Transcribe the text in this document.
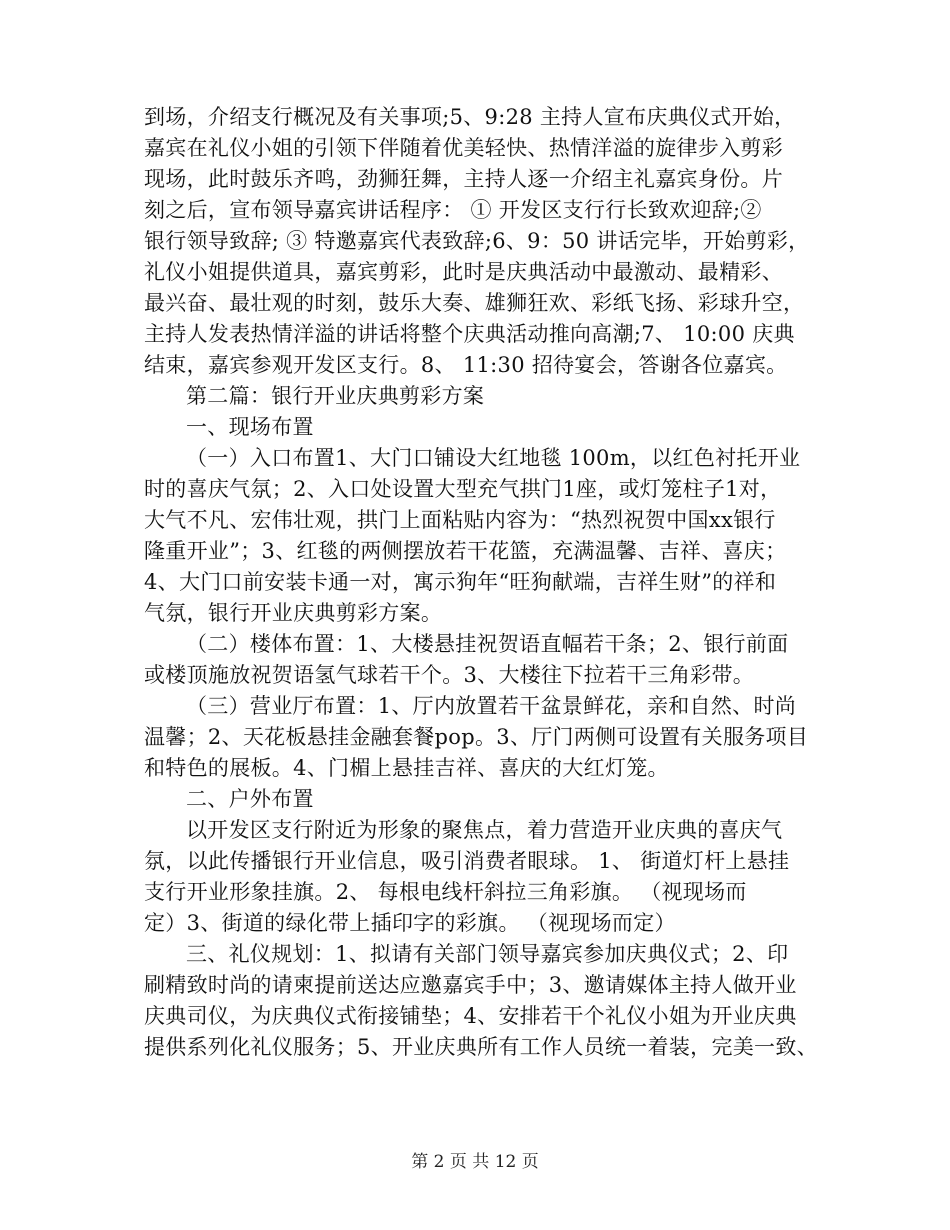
到场，介绍支行概况及有关事项;5、9:28 主持人宣布庆典仪式开始，
嘉宾在礼仪小姐的引领下伴随着优美轻快、热情洋溢的旋律步入剪彩
现场，此时鼓乐齐鸣，劲狮狂舞，主持人逐一介绍主礼嘉宾身份。片
刻之后，宣布领导嘉宾讲话程序： ① 开发区支行行长致欢迎辞;②
银行领导致辞; ③ 特邀嘉宾代表致辞;6、9：50 讲话完毕，开始剪彩，
礼仪小姐提供道具，嘉宾剪彩，此时是庆典活动中最激动、最精彩、
最兴奋、最壮观的时刻，鼓乐大奏、雄狮狂欢、彩纸飞扬、彩球升空，
主持人发表热情洋溢的讲话将整个庆典活动推向高潮;7、 10:00 庆典
结束，嘉宾参观开发区支行。8、 11:30 招待宴会，答谢各位嘉宾。
第二篇：银行开业庆典剪彩方案
一、现场布置
（一）入口布置1、大门口铺设大红地毯 100m，以红色衬托开业
时的喜庆气氛；2、入口处设置大型充气拱门1座，或灯笼柱子1对，
大气不凡、宏伟壮观，拱门上面粘贴内容为：“热烈祝贺中国xx银行
隆重开业”；3、红毯的两侧摆放若干花篮，充满温馨、吉祥、喜庆；
4、大门口前安装卡通一对，寓示狗年“旺狗献端，吉祥生财”的祥和
气氛，银行开业庆典剪彩方案。
（二）楼体布置：1、大楼悬挂祝贺语直幅若干条；2、银行前面
或楼顶施放祝贺语氢气球若干个。3、大楼往下拉若干三角彩带。
（三）营业厅布置：1、厅内放置若干盆景鲜花，亲和自然、时尚
温馨；2、天花板悬挂金融套餐pop。3、厅门两侧可设置有关服务项目
和特色的展板。4、门楣上悬挂吉祥、喜庆的大红灯笼。
二、户外布置
以开发区支行附近为形象的聚焦点，着力营造开业庆典的喜庆气
氛，以此传播银行开业信息，吸引消费者眼球。 1、 街道灯杆上悬挂
支行开业形象挂旗。2、 每根电线杆斜拉三角彩旗。 （视现场而
定）3、街道的绿化带上插印字的彩旗。 （视现场而定）
三、礼仪规划：1、拟请有关部门领导嘉宾参加庆典仪式；2、印
刷精致时尚的请柬提前送达应邀嘉宾手中；3、邀请媒体主持人做开业
庆典司仪，为庆典仪式衔接铺垫；4、安排若干个礼仪小姐为开业庆典
提供系列化礼仪服务；5、开业庆典所有工作人员统一着装，完美一致、
第 2 页 共 12 页
